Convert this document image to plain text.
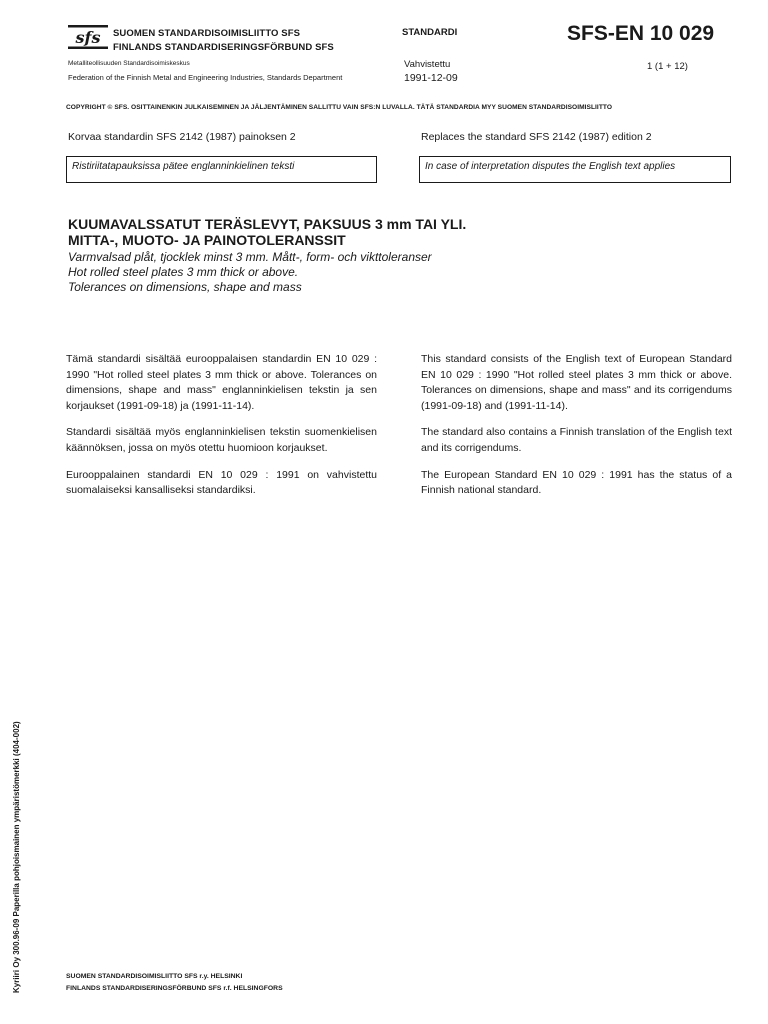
sfs SUOMEN STANDARDISOIMISLIITTO SFS
FINLANDS STANDARDISERINGSFÖRBUND SFS
Metalliteollisuuden Standardisoimiskeskus
Federation of the Finnish Metal and Engineering Industries, Standards Department
STANDARDI
Vahvistettu
1991-12-09
SFS-EN 10 029
1 (1 + 12)
COPYRIGHT © SFS. OSITTAINENKIN JULKAISEMINEN JA JÄLJENTÄMINEN SALLITTU VAIN SFS:N LUVALLA. TÄTÄ STANDARDIA MYY SUOMEN STANDARDISOIMISLIITTO
Korvaa standardin SFS 2142 (1987) painoksen 2	Replaces the standard SFS 2142 (1987) edition 2
Ristiriitatapauksissa pätee englanninkielinen teksti	In case of interpretation disputes the English text applies
KUUMAVALSSATUT TERÄSLEVYT, PAKSUUS 3 mm TAI YLI.
MITTA-, MUOTO- JA PAINOTOLERANSSIT
Varmvalsad plåt, tjocklek minst 3 mm. Mått-, form- och vikttoleranser
Hot rolled steel plates 3 mm thick or above.
Tolerances on dimensions, shape and mass

Tämä standardi sisältää eurooppalaisen standardin EN 10 029 : 1990 "Hot rolled steel plates 3 mm thick or above. Tolerances on dimensions, shape and mass" englanninkielisen tekstin ja sen korjaukset (1991-09-18) ja (1991-11-14).

Standardi sisältää myös englanninkielisen tekstin suomenkielisen käännöksen, jossa on myös otettu huomioon korjaukset.

Eurooppalainen standardi EN 10 029 : 1991 on vahvistettu suomalaiseksi kansalliseksi standardiksi.

This standard consists of the English text of European Standard EN 10 029 : 1990 "Hot rolled steel plates 3 mm thick or above. Tolerances on dimensions, shape and mass" and its corrigendums (1991-09-18) and (1991-11-14).

The standard also contains a Finnish translation of the English text and its corrigendums.

The European Standard EN 10 029 : 1991 has the status of a Finnish national standard.

Kyriiri Oy 300.96-09 Paperilla pohjoismainen ympäristömerkki (404-002)	SUOMEN STANDARDISOIMISLIITTO SFS r.y. HELSINKI
FINLANDS STANDARDISERINGSFÖRBUND SFS r.f. HELSINGFORS
